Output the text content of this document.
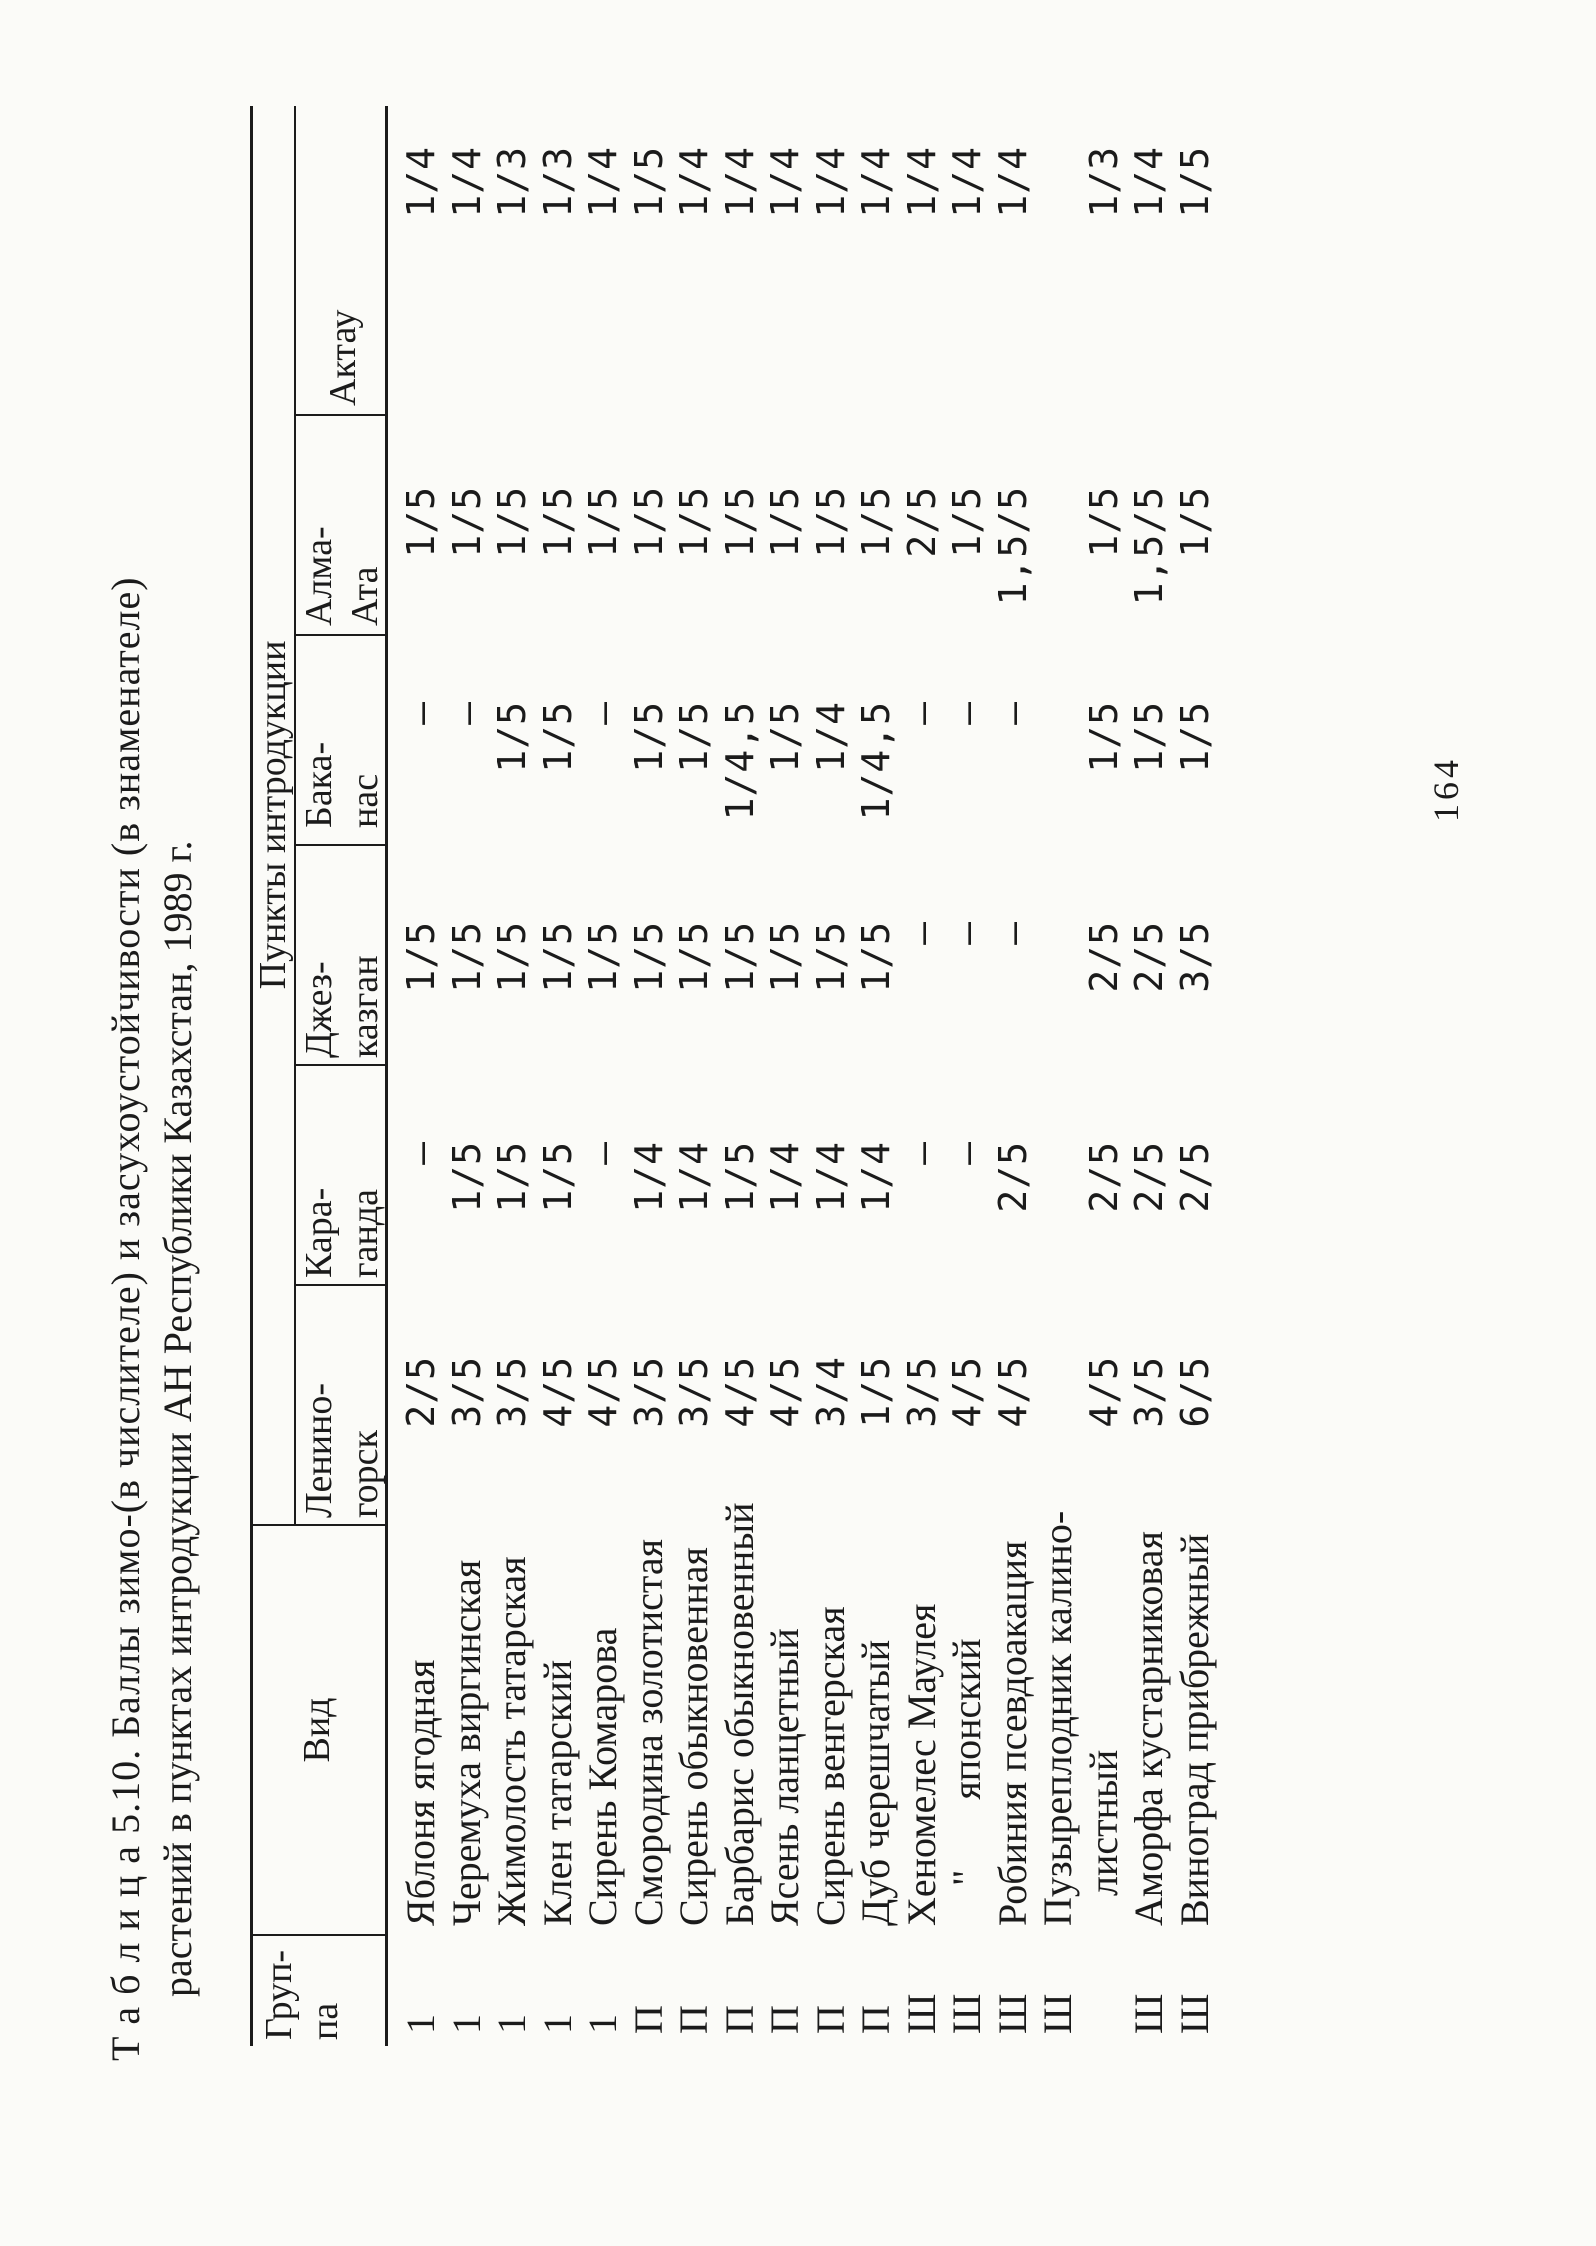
Т а б л и ц а 5.10. Баллы зимо-(в числителе) и засухоустойчивости (в знаменателе) растений в пунктах интродукции АН Республики Казахстан, 1989 г. Груп-па
Вид
Пункты интродукции
Ленино- горск
Кара- ганда
Джез- казган
Бака- нас
Алма- Ата
Актау
1
Яблоня ягодная
2/5
–
1/5
–
1/5
1/4
1
Черемуха виргинская
3/5
1/5
1/5
–
1/5
1/4
1
Жимолость татарская
3/5
1/5
1/5
1/5
1/5
1/3
1
Клен татарский
4/5
1/5
1/5
1/5
1/5
1/3
1
Сирень Комарова
4/5
–
1/5
–
1/5
1/4
П
Смородина золотистая
3/5
1/4
1/5
1/5
1/5
1/5
П
Сирень обыкновенная
3/5
1/4
1/5
1/5
1/5
1/4
П
Барбарис обыкновенный
4/5
1/5
1/5
1/4,5
1/5
1/4
П
Ясень ланцетный
4/5
1/4
1/5
1/5
1/5
1/4
П
Сирень венгерская
3/4
1/4
1/5
1/4
1/5
1/4
П
Дуб черешчатый
1/5
1/4
1/5
1/4,5
1/5
1/4
Ш
Хеномелес Маулея
3/5
–
–
–
2/5
1/4
Ш
"японский
4/5
–
–
–
1/5
1/4
Ш
Робиния псевдоакация
4/5
2/5
–
–
1,5/5
1/4
Ш
Пузыреплодник калино- листный
4/5
2/5
2/5
1/5
1/5
1/3
Ш
Аморфа кустарниковая
3/5
2/5
2/5
1/5
1,5/5
1/4
Ш
Виноград прибрежный
6/5
2/5
3/5
1/5
1/5
1/5
164
